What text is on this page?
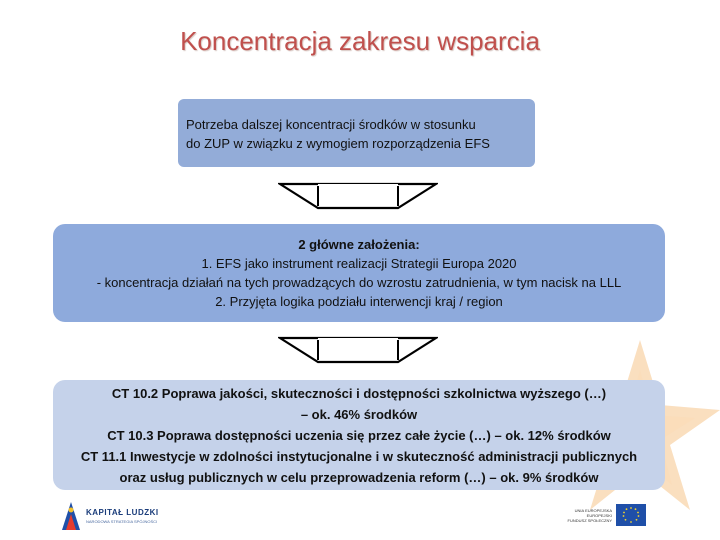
Koncentracja zakresu wsparcia
Potrzeba dalszej koncentracji środków w stosunku
do ZUP w związku z wymogiem rozporządzenia EFS
2 główne założenia:
1. EFS jako instrument realizacji Strategii Europa 2020
- koncentracja działań na tych prowadzących do wzrostu zatrudnienia, w tym nacisk na LLL
2. Przyjęta logika podziału interwencji kraj / region
CT 10.2 Poprawa jakości, skuteczności i dostępności szkolnictwa wyższego (…)
– ok. 46% środków
CT 10.3 Poprawa dostępności uczenia się przez całe życie (…) – ok. 12% środków
CT 11.1 Inwestycje w zdolności instytucjonalne i w skuteczność administracji publicznych
oraz usług publicznych w celu przeprowadzenia reform (…) – ok. 9% środków
KAPITAŁ LUDZKI
NARODOWA STRATEGIA SPÓJNOŚCI
UNIA EUROPEJSKA
EUROPEJSKI
FUNDUSZ SPOŁECZNY
